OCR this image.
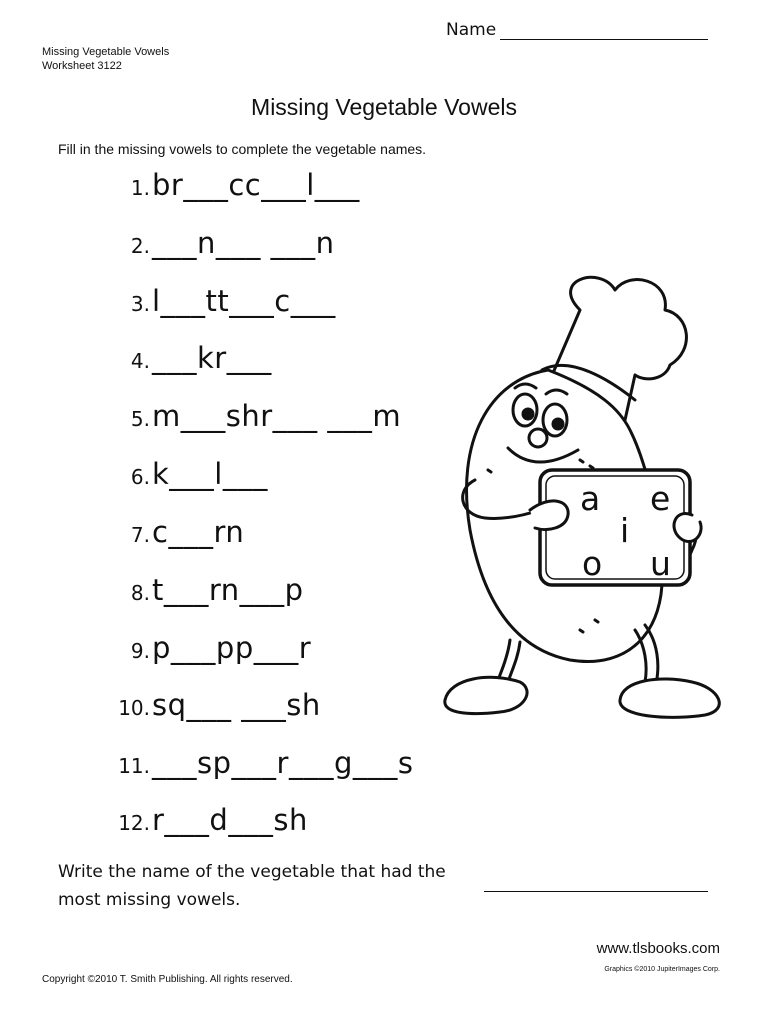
Name
Missing Vegetable Vowels
Worksheet 3122
Missing Vegetable Vowels
Fill in the missing vowels to complete the vegetable names.
1. br___cc___l___
2. ___n___ ___n
3. l___tt___c___
4. ___kr___
5. m___shr___ ___m
6. k___l___
7. c___rn
8. t___rn___p
9. p___pp___r
10. sq___ ___sh
11. ___sp___r___g___s
12. r___d___sh
a e
i
o u
Write the name of the vegetable that had the
most missing vowels.
www.tlsbooks.com
Graphics ©2010 JupiterImages Corp.
Copyright ©2010 T. Smith Publishing. All rights reserved.
